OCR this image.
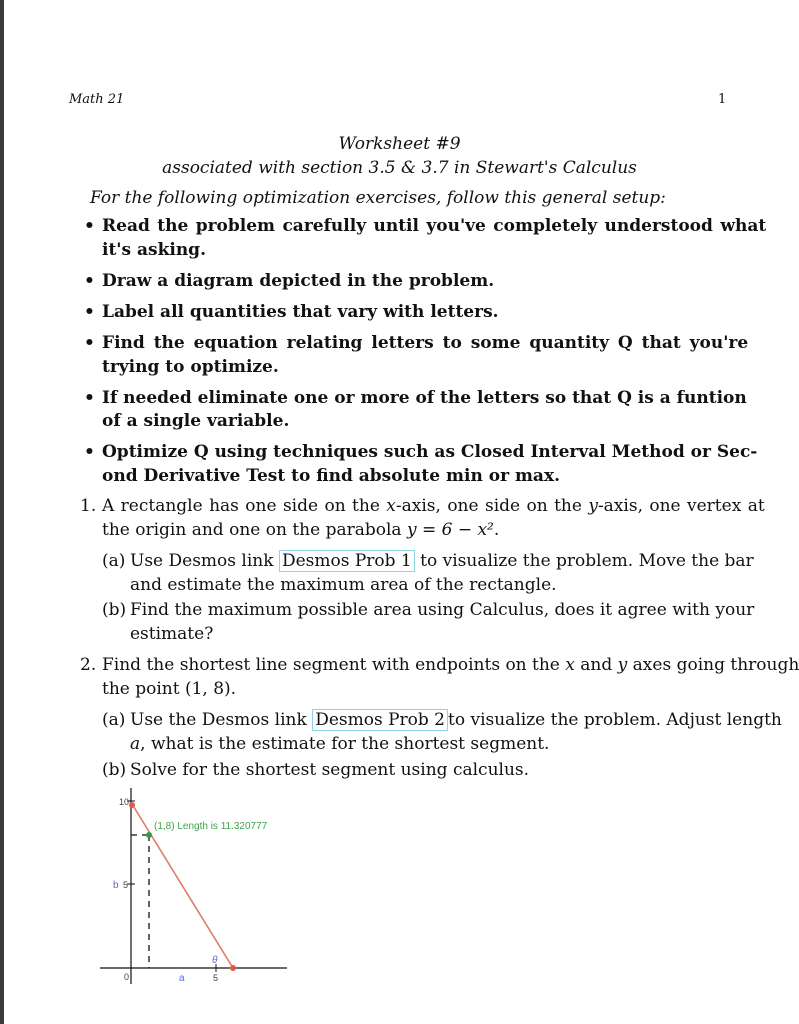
Math 21	1
Worksheet #9
associated with section 3.5 & 3.7 in Stewart's Calculus
For the following optimization exercises, follow this general setup:
• Read the problem carefully until you've completely understood what
it's asking.
• Draw a diagram depicted in the problem.
• Label all quantities that vary with letters.
• Find the equation relating letters to some quantity Q that you're
trying to optimize.
• If needed eliminate one or more of the letters so that Q is a funtion
of a single variable.
• Optimize Q using techniques such as Closed Interval Method or Sec-
ond Derivative Test to find absolute min or max.
1. A rectangle has one side on the x-axis, one side on the y-axis, one vertex at
the origin and one on the parabola y = 6 − x².
(a) Use Desmos link Desmos Prob 1 to visualize the problem. Move the bar
and estimate the maximum area of the rectangle.
(b) Find the maximum possible area using Calculus, does it agree with your
estimate?
2. Find the shortest line segment with endpoints on the x and y axes going through
the point (1, 8).
(a) Use the Desmos link Desmos Prob 2 to visualize the problem. Adjust length
a, what is the estimate for the shortest segment.
(b) Solve for the shortest segment using calculus.
(1,8) Length is 11.320777
10
5
b
0	5
a
θ
